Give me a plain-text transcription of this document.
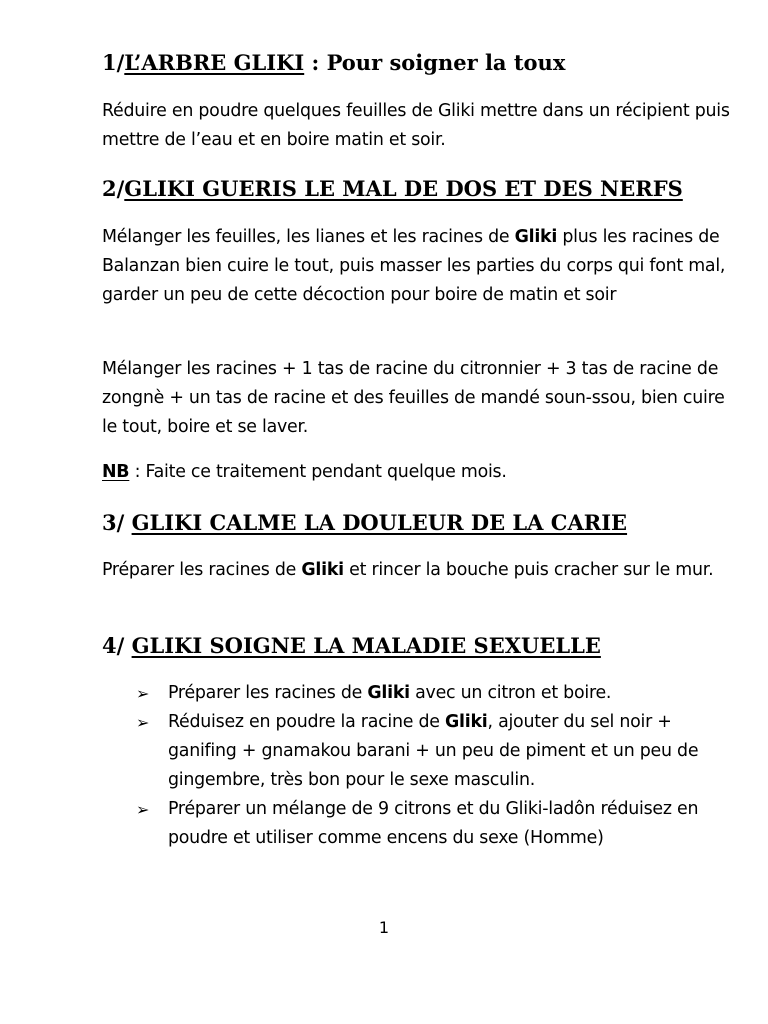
1/L’ARBRE GLIKI : Pour soigner la toux

Réduire en poudre quelques feuilles de Gliki mettre dans un récipient puis mettre de l’eau et en boire matin et soir.

2/GLIKI GUERIS LE MAL DE DOS ET DES NERFS

Mélanger les feuilles, les lianes et les racines de Gliki plus les racines de Balanzan bien cuire le tout, puis masser les parties du corps qui font mal, garder un peu de cette décoction pour boire de matin et soir

Mélanger les racines + 1 tas de racine du citronnier + 3 tas de racine de zongnè + un tas de racine et des feuilles de mandé soun-ssou, bien cuire le tout, boire et se laver.

NB : Faite ce traitement pendant quelque mois.

3/ GLIKI CALME LA DOULEUR DE LA CARIE

Préparer les racines de Gliki et rincer la bouche puis cracher sur le mur.

4/ GLIKI SOIGNE LA MALADIE SEXUELLE
➢ Préparer les racines de Gliki avec un citron et boire.
➢ Réduisez en poudre la racine de Gliki, ajouter du sel noir + ganifing + gnamakou barani + un peu de piment et un peu de gingembre, très bon pour le sexe masculin.
➢ Préparer un mélange de 9 citrons et du Gliki-ladôn réduisez en poudre et utiliser comme encens du sexe (Homme)
1
